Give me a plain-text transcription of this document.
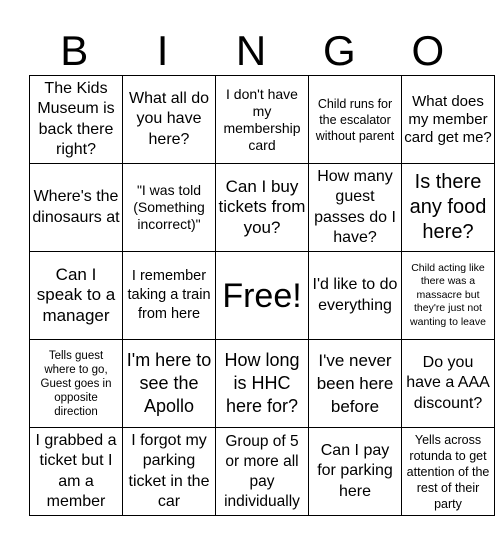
B	I	N	G	O
The Kids Museum is back there right?	What all do you have here?	I don't have my membership card	Child runs for the escalator without parent	What does my member card get me?
Where's the dinosaurs at	"I was told (Something incorrect)"	Can I buy tickets from you?	How many guest passes do I have?	Is there any food here?
Can I speak to a manager	I remember taking a train from here	Free!	I'd like to do everything	Child acting like there was a massacre but they're just not wanting to leave
Tells guest where to go, Guest goes in opposite direction	I'm here to see the Apollo	How long is HHC here for?	I've never been here before	Do you have a AAA discount?
I grabbed a ticket but I am a member	I forgot my parking ticket in the car	Group of 5 or more all pay individually	Can I pay for parking here	Yells across rotunda to get attention of the rest of their party
